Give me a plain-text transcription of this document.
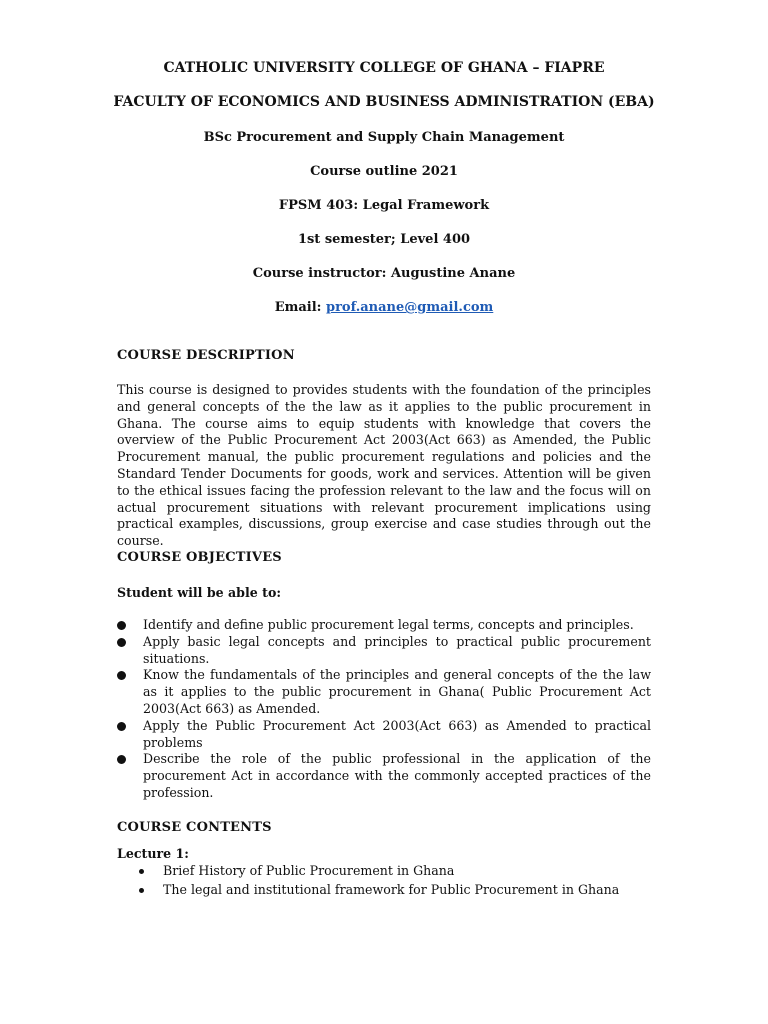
CATHOLIC UNIVERSITY COLLEGE OF GHANA – FIAPRE

FACULTY OF ECONOMICS AND BUSINESS ADMINISTRATION (EBA)

BSc Procurement and Supply Chain Management

Course outline 2021

FPSM 403: Legal Framework

1st semester; Level 400

Course instructor: Augustine Anane

Email: prof.anane@gmail.com

COURSE DESCRIPTION

This course is designed to provides students with the foundation of the principles and general concepts of the the law as it applies to the public procurement in Ghana. The course aims to equip students with knowledge that covers the overview of the Public Procurement Act 2003(Act 663) as Amended, the Public Procurement manual, the public procurement regulations and policies and the Standard Tender Documents for goods, work and services. Attention will be given to the ethical issues facing the profession relevant to the law and the focus will on actual procurement situations with relevant procurement implications using practical examples, discussions, group exercise and case studies through out the course.

COURSE OBJECTIVES

Student will be able to:

Identify and define public procurement legal terms, concepts and principles.
Apply basic legal concepts and principles to practical public procurement situations.
Know the fundamentals of the principles and general concepts of the the law as it applies to the public procurement in Ghana( Public Procurement Act 2003(Act 663) as Amended.
Apply the Public Procurement Act 2003(Act 663) as Amended to practical problems
Describe the role of the public professional in the application of the procurement Act in accordance with the commonly accepted practices of the profession.

COURSE CONTENTS

Lecture 1:

Brief History of Public Procurement in Ghana
The legal and institutional framework for Public Procurement in Ghana
